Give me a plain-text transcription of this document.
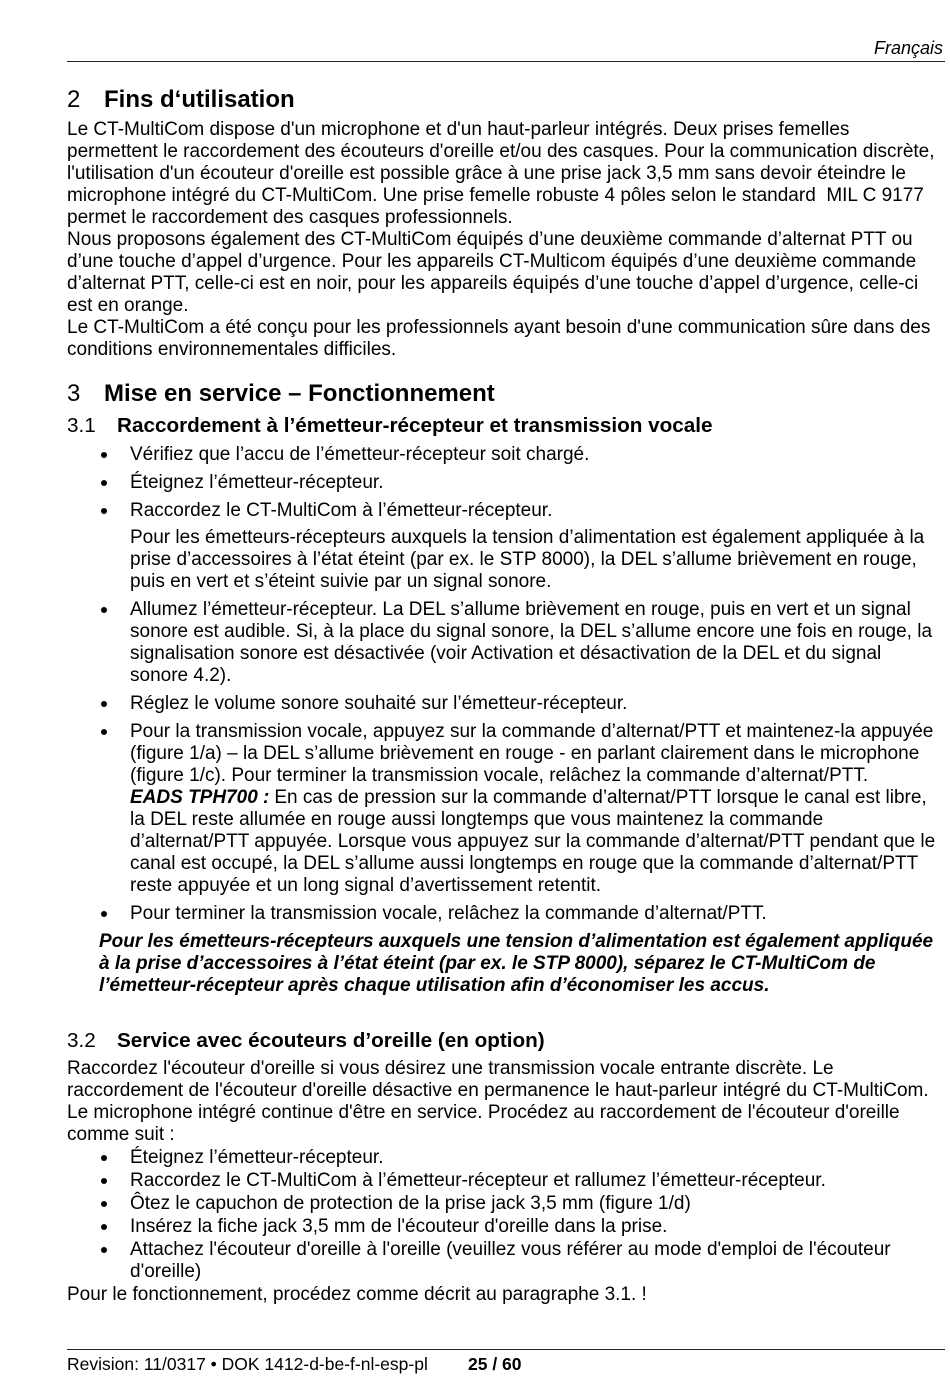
Français
2 Fins d‘utilisation
Le CT-MultiCom dispose d'un microphone et d'un haut-parleur intégrés. Deux prises femelles
permettent le raccordement des écouteurs d'oreille et/ou des casques. Pour la communication discrète,
l'utilisation d'un écouteur d'oreille est possible grâce à une prise jack 3,5 mm sans devoir éteindre le
microphone intégré du CT-MultiCom. Une prise femelle robuste 4 pôles selon le standard  MIL C 9177
permet le raccordement des casques professionnels.
Nous proposons également des CT-MultiCom équipés d’une deuxième commande d’alternat PTT ou
d’une touche d’appel d’urgence. Pour les appareils CT-Multicom équipés d’une deuxième commande
d’alternat PTT, celle-ci est en noir, pour les appareils équipés d’une touche d’appel d’urgence, celle-ci
est en orange.
Le CT-MultiCom a été conçu pour les professionnels ayant besoin d'une communication sûre dans des
conditions environnementales difficiles.
3 Mise en service – Fonctionnement
3.1 Raccordement à l’émetteur-récepteur et transmission vocale
Vérifiez que l’accu de l’émetteur-récepteur soit chargé.
Éteignez l’émetteur-récepteur.
Raccordez le CT-MultiCom à l’émetteur-récepteur.
Pour les émetteurs-récepteurs auxquels la tension d’alimentation est également appliquée à la
prise d’accessoires à l’état éteint (par ex. le STP 8000), la DEL s’allume brièvement en rouge,
puis en vert et s’éteint suivie par un signal sonore.
Allumez l’émetteur-récepteur. La DEL s’allume brièvement en rouge, puis en vert et un signal
sonore est audible. Si, à la place du signal sonore, la DEL s’allume encore une fois en rouge, la
signalisation sonore est désactivée (voir Activation et désactivation de la DEL et du signal
sonore 4.2).
Réglez le volume sonore souhaité sur l’émetteur-récepteur.
Pour la transmission vocale, appuyez sur la commande d’alternat/PTT et maintenez-la appuyée
(figure 1/a) – la DEL s’allume brièvement en rouge - en parlant clairement dans le microphone
(figure 1/c). Pour terminer la transmission vocale, relâchez la commande d’alternat/PTT.
EADS TPH700 : En cas de pression sur la commande d’alternat/PTT lorsque le canal est libre,
la DEL reste allumée en rouge aussi longtemps que vous maintenez la commande
d’alternat/PTT appuyée. Lorsque vous appuyez sur la commande d’alternat/PTT pendant que le
canal est occupé, la DEL s’allume aussi longtemps en rouge que la commande d’alternat/PTT
reste appuyée et un long signal d’avertissement retentit.
Pour terminer la transmission vocale, relâchez la commande d’alternat/PTT.
Pour les émetteurs-récepteurs auxquels une tension d’alimentation est également appliquée
à la prise d’accessoires à l’état éteint (par ex. le STP 8000), séparez le CT-MultiCom de
l’émetteur-récepteur après chaque utilisation afin d’économiser les accus.
3.2 Service avec écouteurs d’oreille (en option)
Raccordez l'écouteur d'oreille si vous désirez une transmission vocale entrante discrète. Le
raccordement de l'écouteur d'oreille désactive en permanence le haut-parleur intégré du CT-MultiCom.
Le microphone intégré continue d'être en service. Procédez au raccordement de l'écouteur d'oreille
comme suit :
Éteignez l’émetteur-récepteur.
Raccordez le CT-MultiCom à l’émetteur-récepteur et rallumez l’émetteur-récepteur.
Ôtez le capuchon de protection de la prise jack 3,5 mm (figure 1/d)
Insérez la fiche jack 3,5 mm de l'écouteur d'oreille dans la prise.
Attachez l'écouteur d'oreille à l'oreille (veuillez vous référer au mode d'emploi de l'écouteur
d'oreille)
Pour le fonctionnement, procédez comme décrit au paragraphe 3.1. !
Revision: 11/0317 • DOK 1412-d-be-f-nl-esp-pl 25 / 60
